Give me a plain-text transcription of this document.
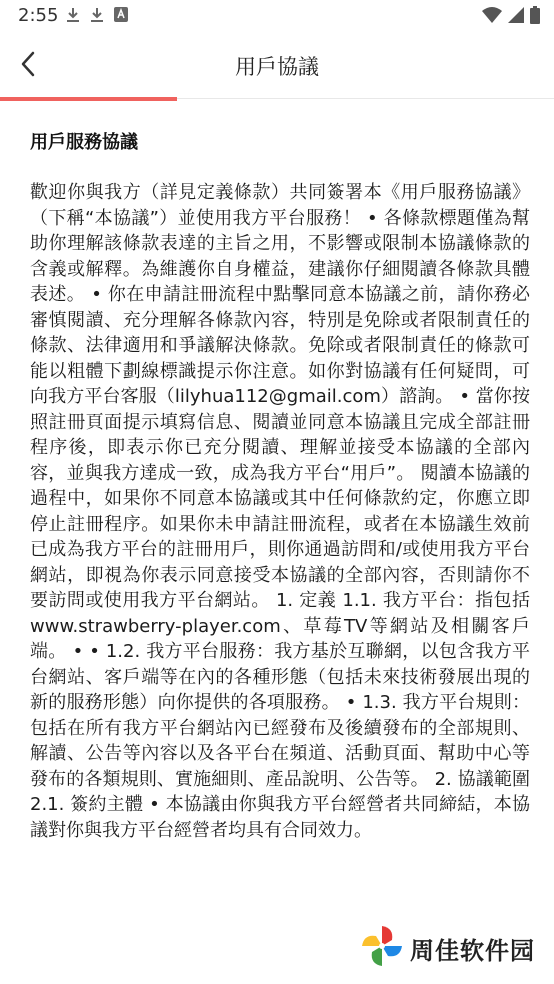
2:55
用戶協議
用戶服務協議

歡迎你與我方（詳見定義條款）共同簽署本《用戶服務協議》（下稱“本協議”）並使用我方平台服務！ • 各條款標題僅為幫助你理解該條款表達的主旨之用，不影響或限制本協議條款的含義或解釋。為維護你自身權益，建議你仔細閱讀各條款具體表述。 • 你在申請註冊流程中點擊同意本協議之前，請你務必審慎閱讀、充分理解各條款內容，特別是免除或者限制責任的條款、法律適用和爭議解決條款。免除或者限制責任的條款可能以粗體下劃線標識提示你注意。如你對協議有任何疑問，可向我方平台客服（lilyhua112@gmail.com）諮詢。 • 當你按照註冊頁面提示填寫信息、閱讀並同意本協議且完成全部註冊程序後，即表示你已充分閱讀、理解並接受本協議的全部內容，並與我方達成一致，成為我方平台“用戶”。 閱讀本協議的過程中，如果你不同意本協議或其中任何條款約定，你應立即停止註冊程序。如果你未申請註冊流程，或者在本協議生效前已成為我方平台的註冊用戶，則你通過訪問和/或使用我方平台網站，即視為你表示同意接受本協議的全部內容，否則請你不要訪問或使用我方平台網站。 1. 定義 1.1. 我方平台：指包括www.strawberry-player.com、草莓TV等網站及相關客戶端。 • • 1.2. 我方平台服務：我方基於互聯網，以包含我方平台網站、客戶端等在內的各種形態（包括未來技術發展出現的新的服務形態）向你提供的各項服務。 • 1.3. 我方平台規則：包括在所有我方平台網站內已經發布及後續發布的全部規則、解讀、公告等內容以及各平台在頻道、活動頁面、幫助中心等發布的各類規則、實施細則、產品說明、公告等。 2. 協議範圍 2.1. 簽約主體 • 本協議由你與我方平台經營者共同締結，本協議對你與我方平台經營者均具有合同效力。

周佳软件园
